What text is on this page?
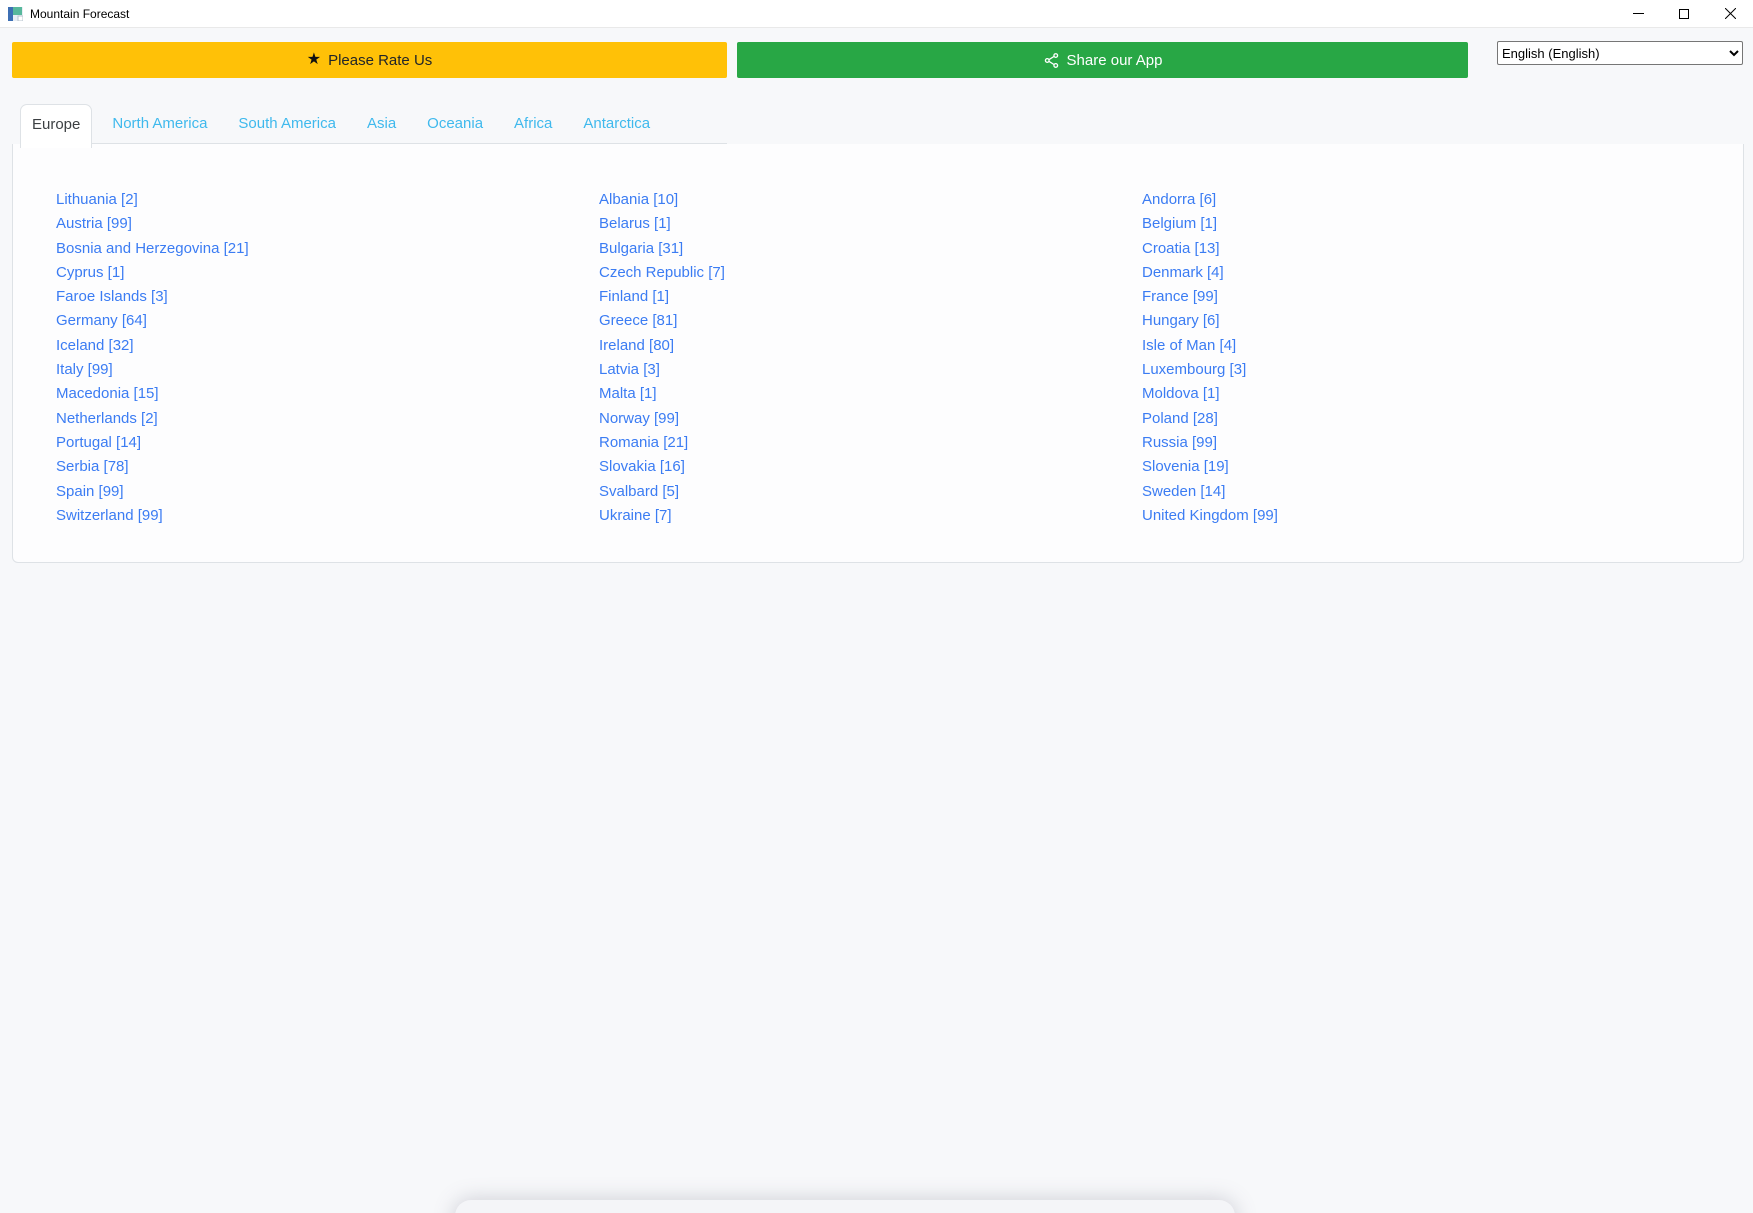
Mountain Forecast
★ Please Rate Us	Share our App
English (English)
Europe	North America	South America	Asia	Oceania	Africa	Antarctica
Lithuania [2]
Austria [99]
Bosnia and Herzegovina [21]
Cyprus [1]
Faroe Islands [3]
Germany [64]
Iceland [32]
Italy [99]
Macedonia [15]
Netherlands [2]
Portugal [14]
Serbia [78]
Spain [99]
Switzerland [99]
Albania [10]
Belarus [1]
Bulgaria [31]
Czech Republic [7]
Finland [1]
Greece [81]
Ireland [80]
Latvia [3]
Malta [1]
Norway [99]
Romania [21]
Slovakia [16]
Svalbard [5]
Ukraine [7]
Andorra [6]
Belgium [1]
Croatia [13]
Denmark [4]
France [99]
Hungary [6]
Isle of Man [4]
Luxembourg [3]
Moldova [1]
Poland [28]
Russia [99]
Slovenia [19]
Sweden [14]
United Kingdom [99]
